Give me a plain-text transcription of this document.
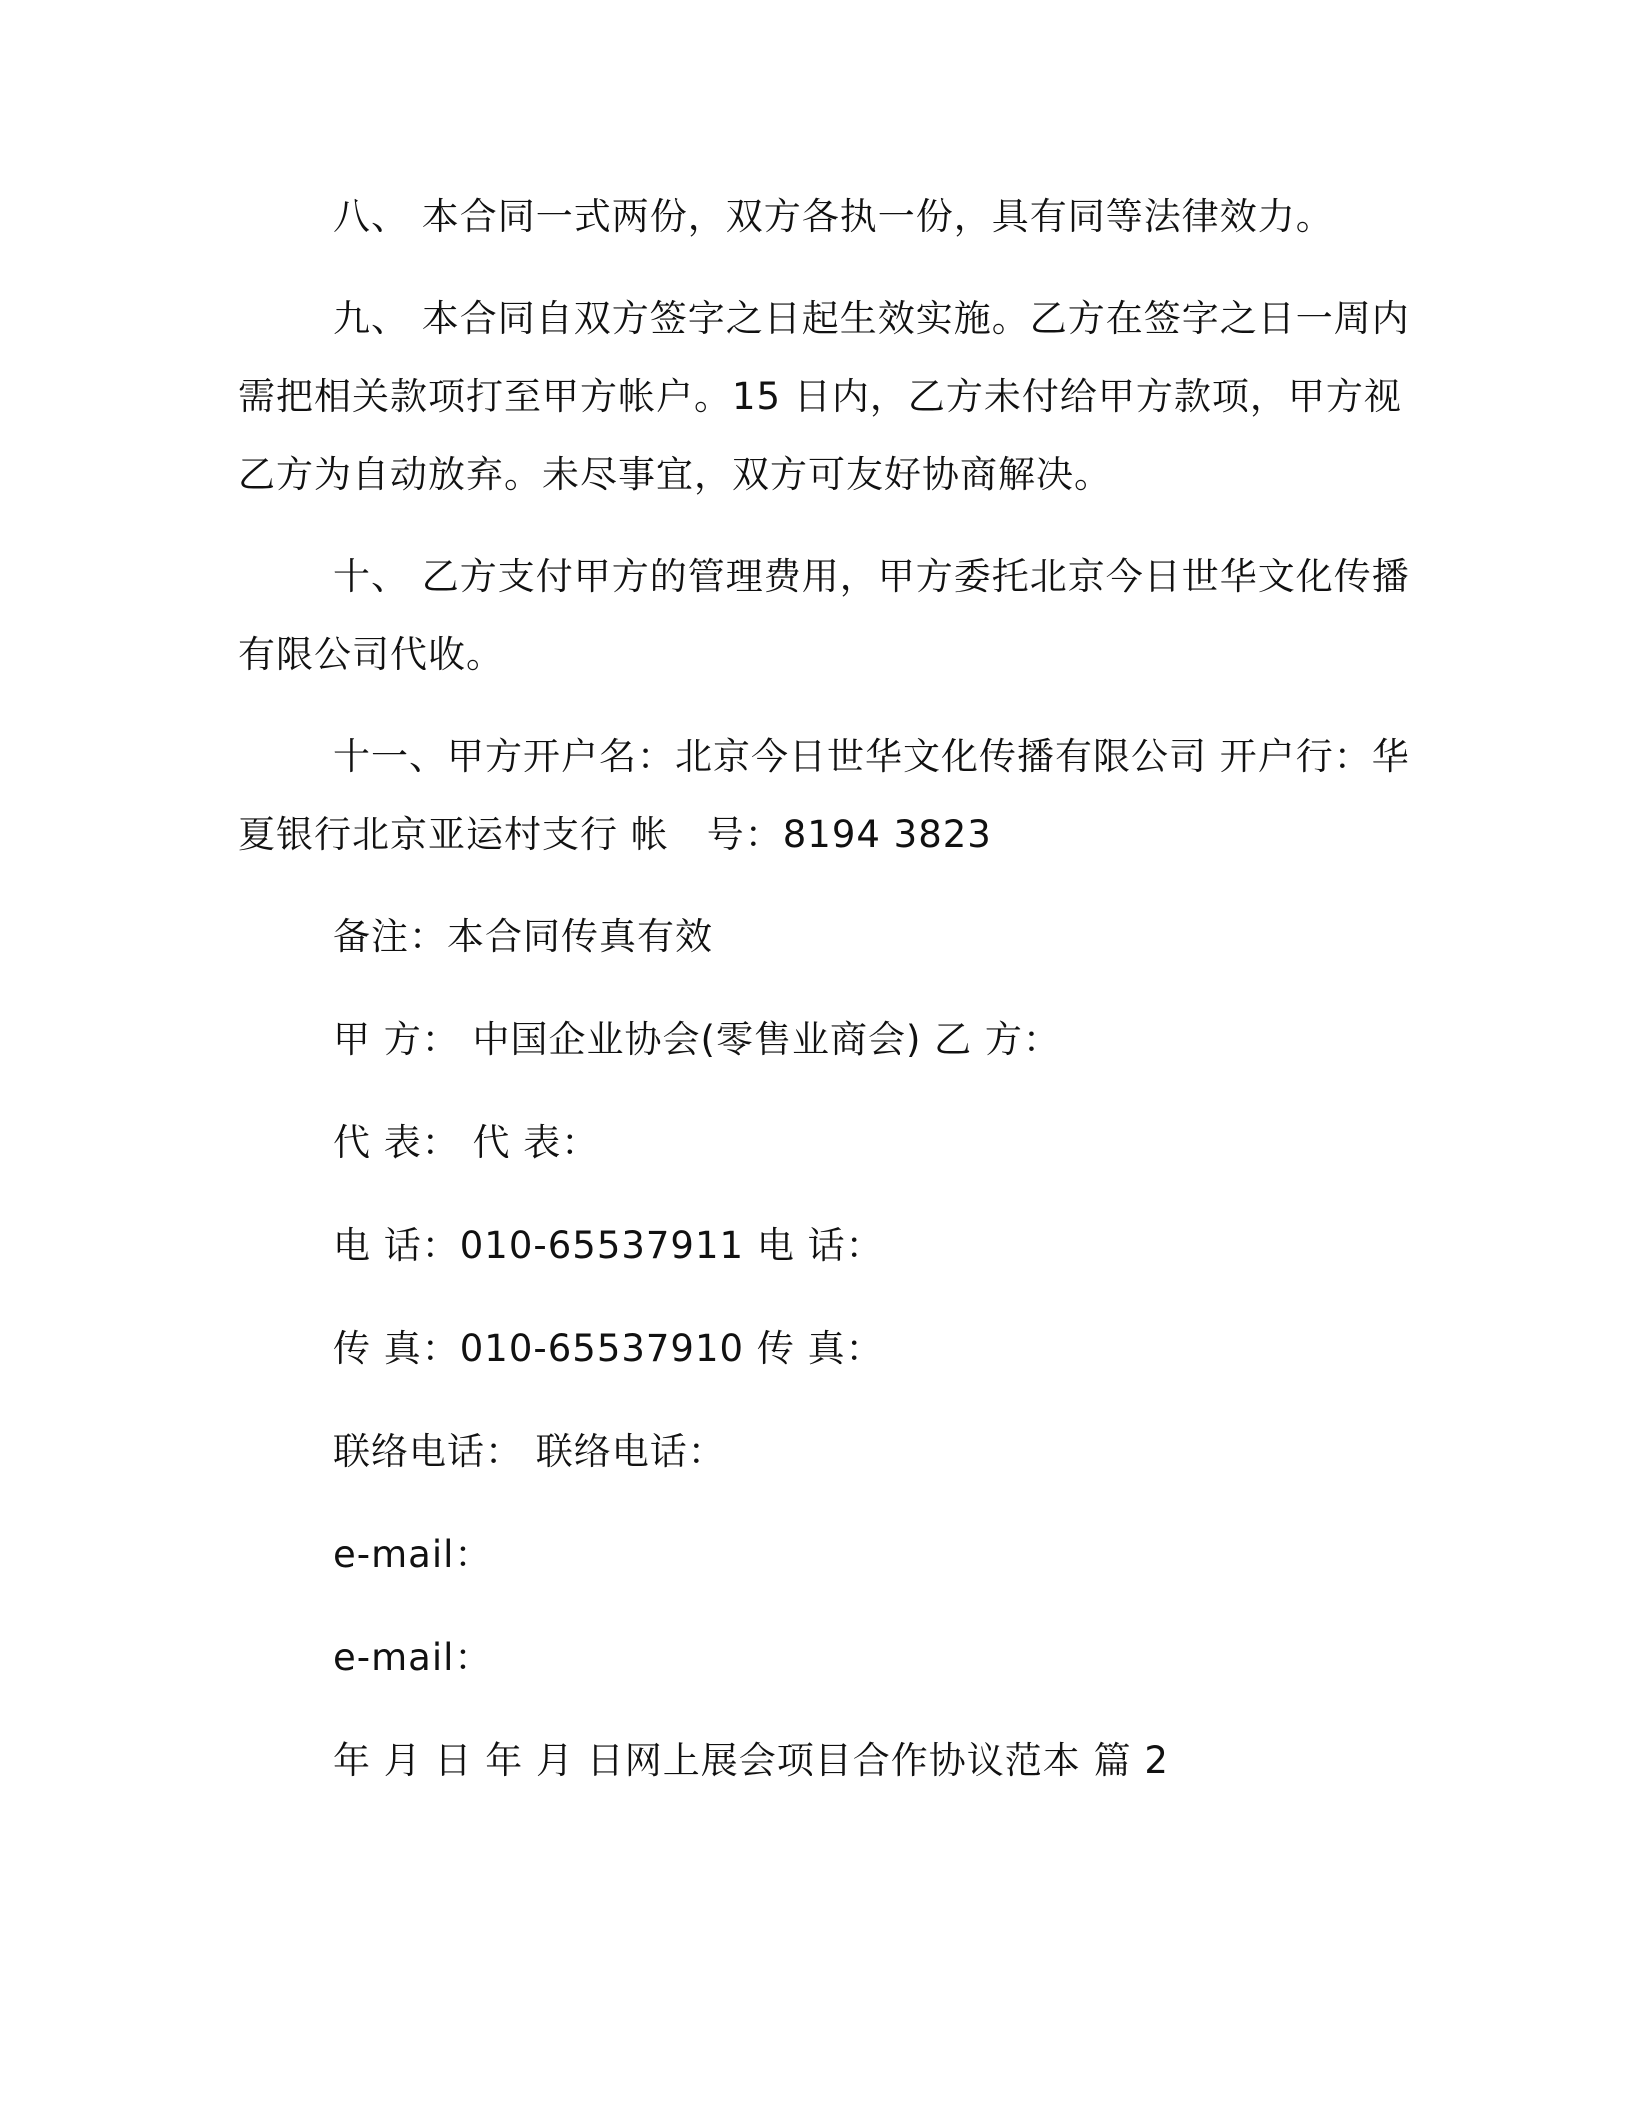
八、 本合同一式两份，双方各执一份，具有同等法律效力。

九、 本合同自双方签字之日起生效实施。乙方在签字之日一周内
需把相关款项打至甲方帐户。15 日内，乙方未付给甲方款项，甲方视
乙方为自动放弃。未尽事宜，双方可友好协商解决。

十、 乙方支付甲方的管理费用，甲方委托北京今日世华文化传播
有限公司代收。

十一、甲方开户名：北京今日世华文化传播有限公司 开户行：华
夏银行北京亚运村支行 帐　号：8194 3823

备注：本合同传真有效

甲 方： 中国企业协会(零售业商会) 乙 方：

代 表： 代 表：

电 话：010-65537911 电 话：

传 真：010-65537910 传 真：

联络电话： 联络电话：

e-mail：

e-mail：

年 月 日 年 月 日网上展会项目合作协议范本 篇 2
